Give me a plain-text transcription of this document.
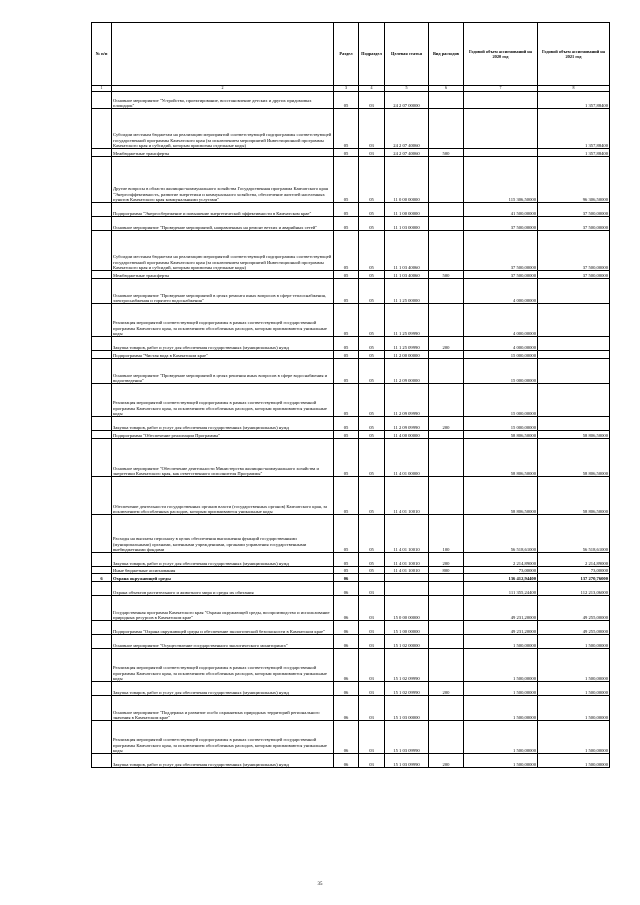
№ п/п		Раздел	Подраздел	Целевая статья	Вид расходов	Годовой объем ассигнований на 2020 год	Годовой объем ассигнований на 2021 год
1	2	3	4	5	6	7	8
	Основное мероприятие "Устройство, проектирование, восстановление детских и других придомовых площадок"	05	03	24 2 07 00000			1 357,88400
	Субсидии местным бюджетам на реализацию мероприятий соответствующей подпрограммы соответствующей государственной программы Камчатского края (за исключением мероприятий Инвестиционной программы Камчатского края и субсидий, которым присвоены отдельные коды)	05	03	24 2 07 40060			1 357,88400
	Межбюджетные трансферты	05	03	24 2 07 40060	500		1 357,88400
	Другие вопросы в области жилищно-коммунального хозяйства Государственная программа Камчатского края "Энергоэффективность, развитие энергетики и коммунального хозяйства, обеспечение жителей населенных пунктов Камчатского края коммунальными услугами"	05	05	11 0 00 00000		115 306,50000	96 306,50000
	Подпрограмма "Энергосбережение и повышение энергетической эффективности в Камчатском крае"	05	05	11 1 00 00000		41 500,00000	37 500,00000
	Основное мероприятие "Проведение мероприятий, направленных на ремонт ветхих и аварийных сетей"	05	05	11 1 03 00000		37 500,00000	37 500,00000
	Субсидии местным бюджетам на реализацию мероприятий соответствующей подпрограммы соответствующей государственной программы Камчатского края (за исключением мероприятий Инвестиционной программы Камчатского края и субсидий, которым присвоены отдельные коды)	05	05	11 1 03 40060		37 500,00000	37 500,00000
	Межбюджетные трансферты	05	05	11 1 03 40060	500	37 500,00000	37 500,00000
	Основное мероприятие "Проведение мероприятий в целях ремонта иных вопросов в сфере теплоснабжения, электроснабжения и горячего водоснабжения"	05	05	11 1 25 00000		4 000,00000	
	Реализация мероприятий соответствующей подпрограммы в рамках соответствующей государственной программы Камчатского края, за исключением обособленных расходов, которым присваиваются уникальные коды	05	05	11 1 25 09990		4 000,00000	
	Закупка товаров, работ и услуг для обеспечения государственных (муниципальных) нужд	05	05	11 1 25 09990	200	4 000,00000	
	Подпрограмма "Чистая вода в Камчатском крае"	05	05	11 2 00 00000		15 000,00000	
	Основное мероприятие "Проведение мероприятий в целях решения иных вопросов в сфере водоснабжения и водоотведения"	05	05	11 2 09 00000		15 000,00000	
	Реализация мероприятий соответствующей подпрограммы в рамках соответствующей государственной программы Камчатского края, за исключением обособленных расходов, которым присваиваются уникальные коды	05	05	11 2 09 09990		15 000,00000	
	Закупка товаров, работ и услуг для обеспечения государственных (муниципальных) нужд	05	05	11 2 09 09990	200	15 000,00000	
	Подпрограмма "Обеспечение реализации Программы"	05	05	11 4 00 00000		58 806,50000	58 806,50000
	Основное мероприятие "Обеспечение деятельности Министерства жилищно-коммунального хозяйства и энергетики Камчатского края, как ответственного исполнителя Программы"	05	05	11 4 01 00000		58 806,50000	58 806,50000
	Обеспечение деятельности государственных органов власти (государственных органов) Камчатского края, за исключением обособленных расходов, которым присваиваются уникальные коды	05	05	11 4 01 10010		58 806,50000	58 806,50000
	Расходы на выплаты персоналу в целях обеспечения выполнения функций государственными (муниципальными) органами, казенными учреждениями, органами управления государственными внебюджетными фондами	05	05	11 4 01 10010	100	56 518,61000	56 518,61000
	Закупка товаров, работ и услуг для обеспечения государственных (муниципальных) нужд	05	05	11 4 01 10010	200	2 214,89000	2 214,89000
	Иные бюджетные ассигнования	05	05	11 4 01 10010	800	73,00000	73,00000
6	Охрана окружающей среды	06				136 412,94400	137 270,76000
	Охрана объектов растительного и животного мира и среды их обитания	06	03			111 355,24400	112 213,06000
	Государственная программа Камчатского края "Охрана окружающей среды, воспроизводство и использование природных ресурсов в Камчатском крае"	06	03	15 0 00 00000		49 231,20000	49 255,00000
	Подпрограмма "Охрана окружающей среды и обеспечение экологической безопасности в Камчатском крае"	06	03	15 1 00 00000		49 231,20000	49 255,00000
	Основное мероприятие "Осуществление государственного экологического мониторинга"	06	03	15 1 02 00000		1 500,00000	1 500,00000
	Реализация мероприятий соответствующей подпрограммы в рамках соответствующей государственной программы Камчатского края, за исключением обособленных расходов, которым присваиваются уникальные коды	06	03	15 1 02 09990		1 500,00000	1 500,00000
	Закупка товаров, работ и услуг для обеспечения государственных (муниципальных) нужд	06	03	15 1 02 09990	200	1 500,00000	1 500,00000
	Основное мероприятие "Поддержка и развитие особо охраняемых природных территорий регионального значения в Камчатском крае"	06	03	15 1 03 00000		1 500,00000	1 500,00000
	Реализация мероприятий соответствующей подпрограммы в рамках соответствующей государственной программы Камчатского края, за исключением обособленных расходов, которым присваиваются уникальные коды	06	03	15 1 03 09990		1 500,00000	1 500,00000
	Закупка товаров, работ и услуг для обеспечения государственных (муниципальных) нужд	06	03	15 1 03 09990	200	1 500,00000	1 500,00000
35
